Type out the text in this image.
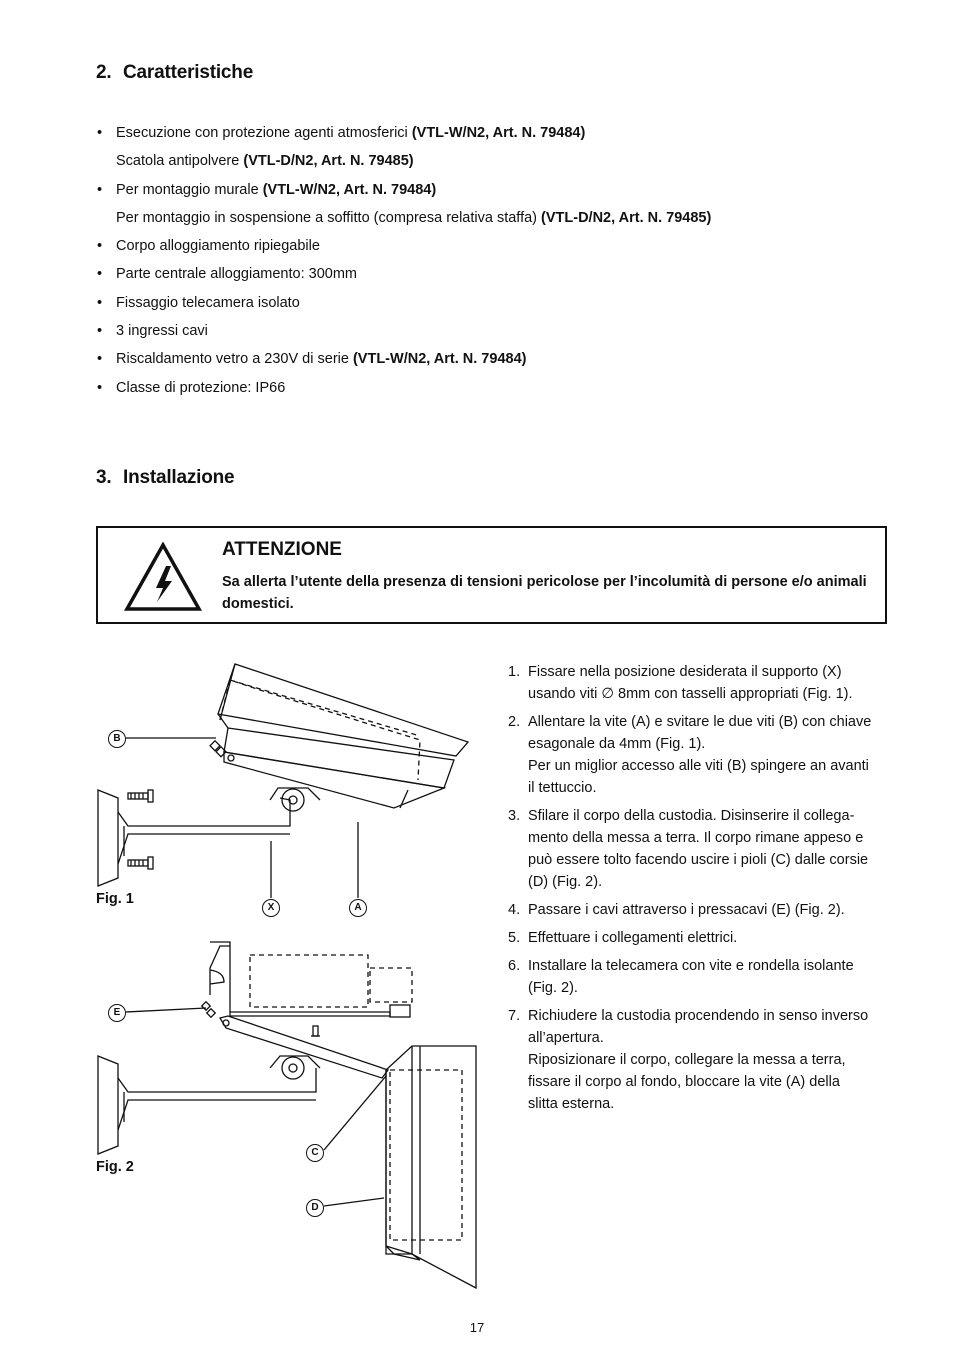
2. Caratteristiche
• Esecuzione con protezione agenti atmosferici (VTL-W/N2, Art. N. 79484)
Scatola antipolvere (VTL-D/N2, Art. N. 79485)
• Per montaggio murale (VTL-W/N2, Art. N. 79484)
Per montaggio in sospensione a soffitto (compresa relativa staffa) (VTL-D/N2, Art. N. 79485)
• Corpo alloggiamento ripiegabile
• Parte centrale alloggiamento: 300mm
• Fissaggio telecamera isolato
• 3 ingressi cavi
• Riscaldamento vetro a 230V di serie (VTL-W/N2, Art. N. 79484)
• Classe di protezione: IP66
3. Installazione
ATTENZIONE
Sa allerta l’utente della presenza di tensioni pericolose per l’incolumità di persone e/o animali domestici.
B
X	A
E
C
D
Fig. 1
Fig. 2
1. Fissare nella posizione desiderata il supporto (X)
usando viti ∅ 8mm con tasselli appropriati (Fig. 1).
2. Allentare la vite (A) e svitare le due viti (B) con chiave
esagonale da 4mm (Fig. 1).
Per un miglior accesso alle viti (B) spingere an avanti
il tettuccio.
3. Sfilare il corpo della custodia. Disinserire il collega-
mento della messa a terra. Il corpo rimane appeso e
può essere tolto facendo uscire i pioli (C) dalle corsie
(D) (Fig. 2).
4. Passare i cavi attraverso i pressacavi (E) (Fig. 2).
5. Effettuare i collegamenti elettrici.
6. Installare la telecamera con vite e rondella isolante
(Fig. 2).
7. Richiudere la custodia procendendo in senso inverso
all’apertura.
Riposizionare il corpo, collegare la messa a terra,
fissare il corpo al fondo, bloccare la vite (A) della
slitta esterna.
17
